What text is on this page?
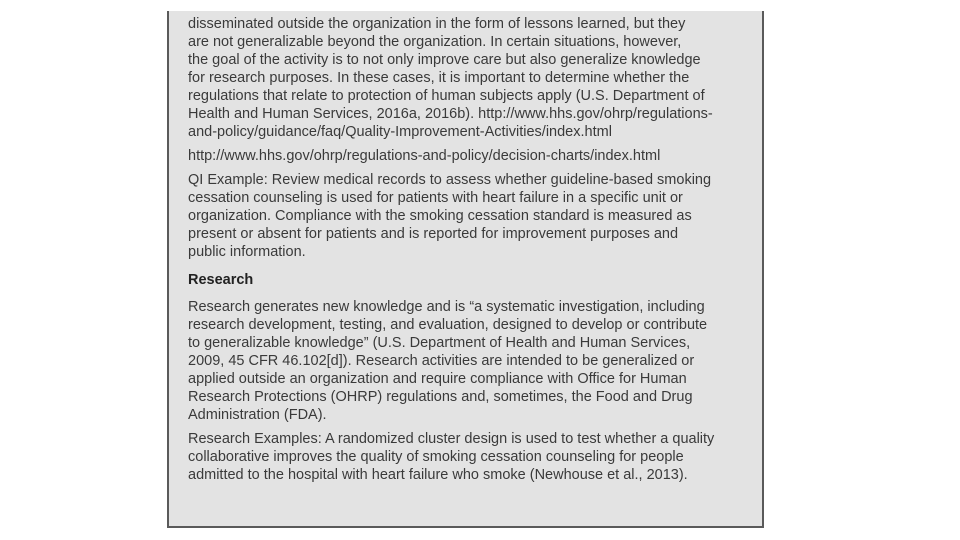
disseminated outside the organization in the form of lessons learned, but they
are not generalizable beyond the organization. In certain situations, however,
the goal of the activity is to not only improve care but also generalize knowledge
for research purposes. In these cases, it is important to determine whether the
regulations that relate to protection of human subjects apply (U.S. Department of
Health and Human Services, 2016a, 2016b). http://www.hhs.gov/ohrp/regulations-
and-policy/guidance/faq/Quality-Improvement-Activities/index.html

http://www.hhs.gov/ohrp/regulations-and-policy/decision-charts/index.html

QI Example: Review medical records to assess whether guideline-based smoking
cessation counseling is used for patients with heart failure in a specific unit or
organization. Compliance with the smoking cessation standard is measured as
present or absent for patients and is reported for improvement purposes and
public information.

Research

Research generates new knowledge and is “a systematic investigation, including
research development, testing, and evaluation, designed to develop or contribute
to generalizable knowledge” (U.S. Department of Health and Human Services,
2009, 45 CFR 46.102[d]). Research activities are intended to be generalized or
applied outside an organization and require compliance with Office for Human
Research Protections (OHRP) regulations and, sometimes, the Food and Drug
Administration (FDA).

Research Examples: A randomized cluster design is used to test whether a quality
collaborative improves the quality of smoking cessation counseling for people
admitted to the hospital with heart failure who smoke (Newhouse et al., 2013).
